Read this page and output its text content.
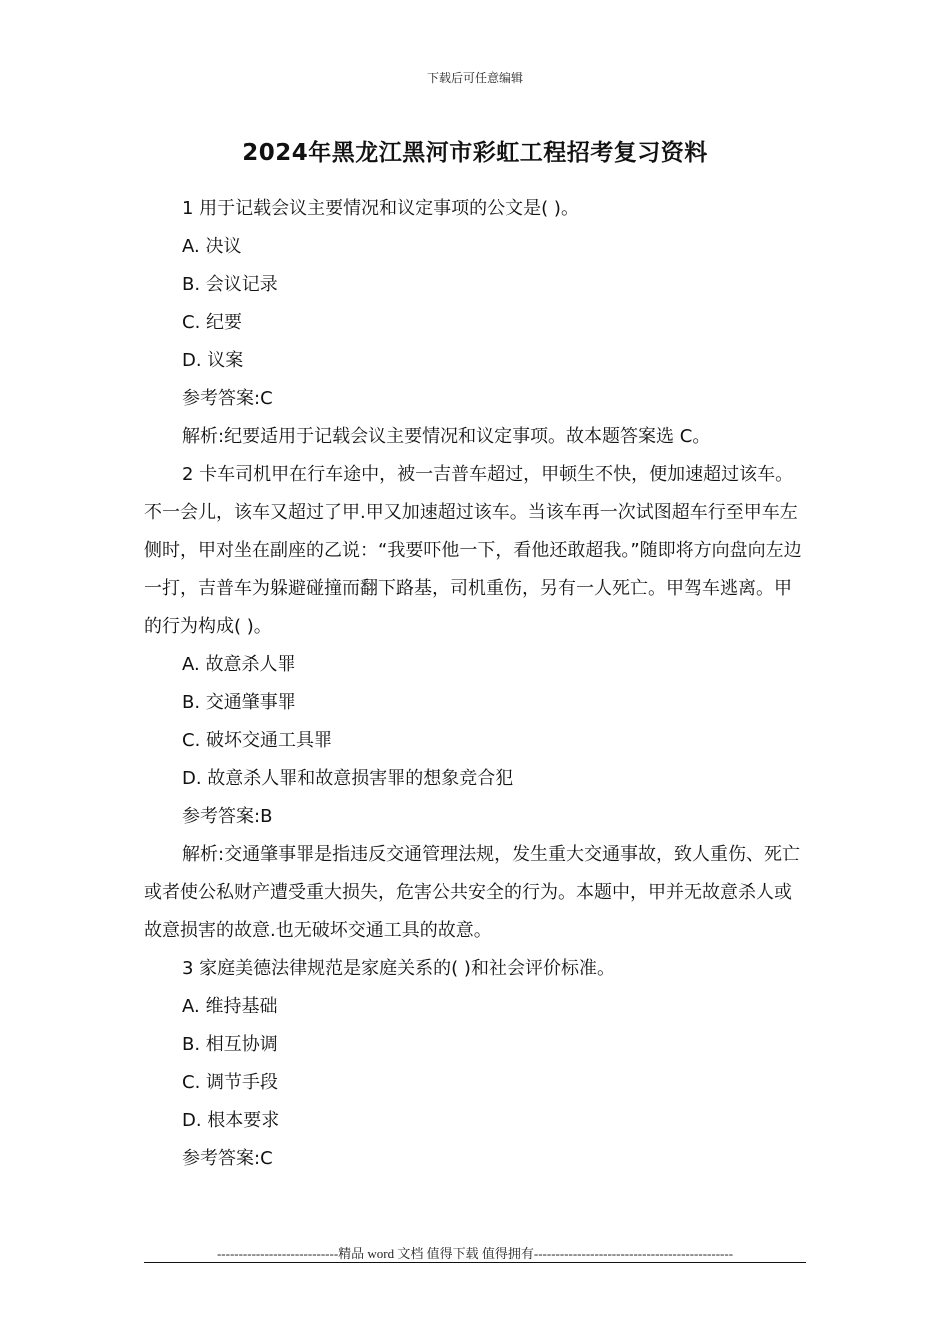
下载后可任意编辑
2024年黑龙江黑河市彩虹工程招考复习资料

1 用于记载会议主要情况和议定事项的公文是( )。

A. 决议

B. 会议记录

C. 纪要

D. 议案

参考答案:C

解析:纪要适用于记载会议主要情况和议定事项。故本题答案选 C。

2 卡车司机甲在行车途中，被一吉普车超过，甲顿生不快，便加速超过该车。不一会儿，该车又超过了甲.甲又加速超过该车。当该车再一次试图超车行至甲车左侧时，甲对坐在副座的乙说：“我要吓他一下，看他还敢超我。”随即将方向盘向左边一打，吉普车为躲避碰撞而翻下路基，司机重伤，另有一人死亡。甲驾车逃离。甲的行为构成( )。

A. 故意杀人罪

B. 交通肇事罪

C. 破坏交通工具罪

D. 故意杀人罪和故意损害罪的想象竞合犯

参考答案:B

解析:交通肇事罪是指违反交通管理法规，发生重大交通事故，致人重伤、死亡或者使公私财产遭受重大损失，危害公共安全的行为。本题中，甲并无故意杀人或故意损害的故意.也无破坏交通工具的故意。

3 家庭美德法律规范是家庭关系的( )和社会评价标准。

A. 维持基础

B. 相互协调

C. 调节手段

D. 根本要求

参考答案:C

----------------------------精品 word 文档 值得下载 值得拥有----------------------------------------------
